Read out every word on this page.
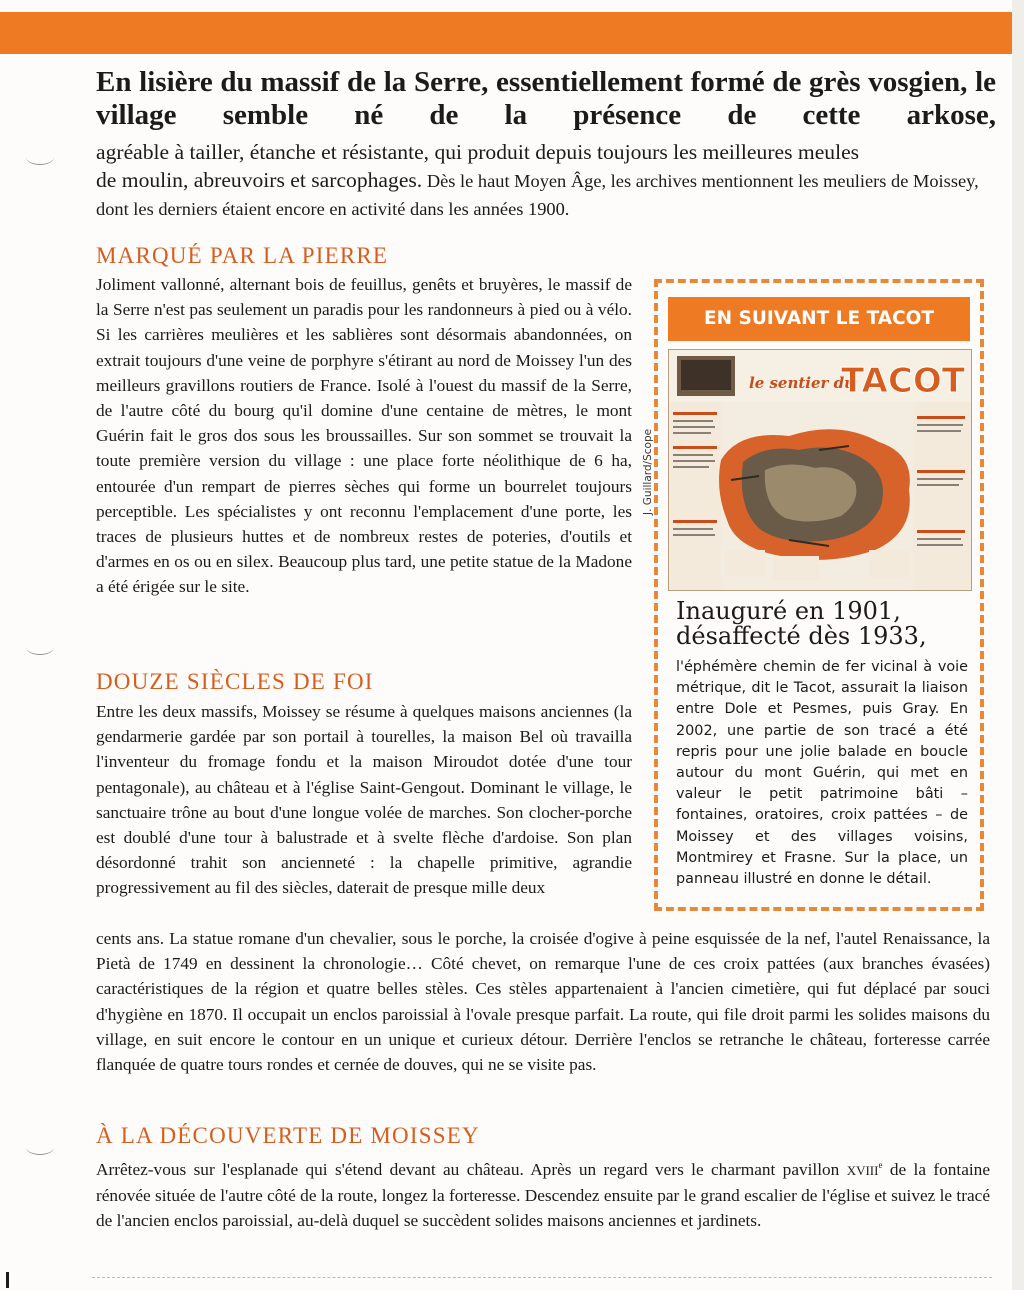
En lisière du massif de la Serre, essentiellement formé de grès vosgien, le village semble né de la présence de cette arkose,

agréable à tailler, étanche et résistante, qui produit depuis toujours les meilleures meules

de moulin, abreuvoirs et sarcophages. Dès le haut Moyen Âge, les archives mentionnent les meuliers de Moissey, dont les derniers étaient encore en activité dans les années 1900.

MARQUÉ PAR LA PIERRE

Joliment vallonné, alternant bois de feuillus, genêts et bruyères, le massif de la Serre n'est pas seulement un paradis pour les randonneurs à pied ou à vélo. Si les carrières meulières et les sablières sont désormais abandonnées, on extrait toujours d'une veine de porphyre s'étirant au nord de Moissey l'un des meilleurs gravillons routiers de France. Isolé à l'ouest du massif de la Serre, de l'autre côté du bourg qu'il domine d'une centaine de mètres, le mont Guérin fait le gros dos sous les broussailles. Sur son sommet se trouvait la toute première version du village : une place forte néolithique de 6 ha, entourée d'un rempart de pierres sèches qui forme un bourrelet toujours perceptible. Les spécialistes y ont reconnu l'emplacement d'une porte, les traces de plusieurs huttes et de nombreux restes de poteries, d'outils et d'armes en os ou en silex. Beaucoup plus tard, une petite statue de la Madone a été érigée sur le site.

DOUZE SIÈCLES DE FOI

Entre les deux massifs, Moissey se résume à quelques maisons anciennes (la gendarmerie gardée par son portail à tourelles, la maison Bel où travailla l'inventeur du fromage fondu et la maison Miroudot dotée d'une tour pentagonale), au château et à l'église Saint-Gengout. Dominant le village, le sanctuaire trône au bout d'une longue volée de marches. Son clocher-porche est doublé d'une tour à balustrade et à svelte flèche d'ardoise. Son plan désordonné trahit son ancienneté : la chapelle primitive, agrandie progressivement au fil des siècles, daterait de presque mille deux

cents ans. La statue romane d'un chevalier, sous le porche, la croisée d'ogive à peine esquissée de la nef, l'autel Renaissance, la Pietà de 1749 en dessinent la chronologie… Côté chevet, on remarque l'une de ces croix pattées (aux branches évasées) caractéristiques de la région et quatre belles stèles. Ces stèles appartenaient à l'ancien cimetière, qui fut déplacé par souci d'hygiène en 1870. Il occupait un enclos paroissial à l'ovale presque parfait. La route, qui file droit parmi les solides maisons du village, en suit encore le contour en un unique et curieux détour. Derrière l'enclos se retranche le château, forteresse carrée flanquée de quatre tours rondes et cernée de douves, qui ne se visite pas.

À LA DÉCOUVERTE DE MOISSEY

Arrêtez-vous sur l'esplanade qui s'étend devant au château. Après un regard vers le charmant pavillon XVIIIe de la fontaine rénovée située de l'autre côté de la route, longez la forteresse. Descendez ensuite par le grand escalier de l'église et suivez le tracé de l'ancien enclos paroissial, au-delà duquel se succèdent solides maisons anciennes et jardinets.

EN SUIVANT LE TACOT
le sentier du
TACOT
J. Guillard/Scope

Inauguré en 1901, désaffecté dès 1933,

l'éphémère chemin de fer vicinal à voie métrique, dit le Tacot, assurait la liaison entre Dole et Pesmes, puis Gray. En 2002, une partie de son tracé a été repris pour une jolie balade en boucle autour du mont Guérin, qui met en valeur le petit patrimoine bâti – fontaines, oratoires, croix pattées – de Moissey et des villages voisins, Montmirey et Frasne. Sur la place, un panneau illustré en donne le détail.
